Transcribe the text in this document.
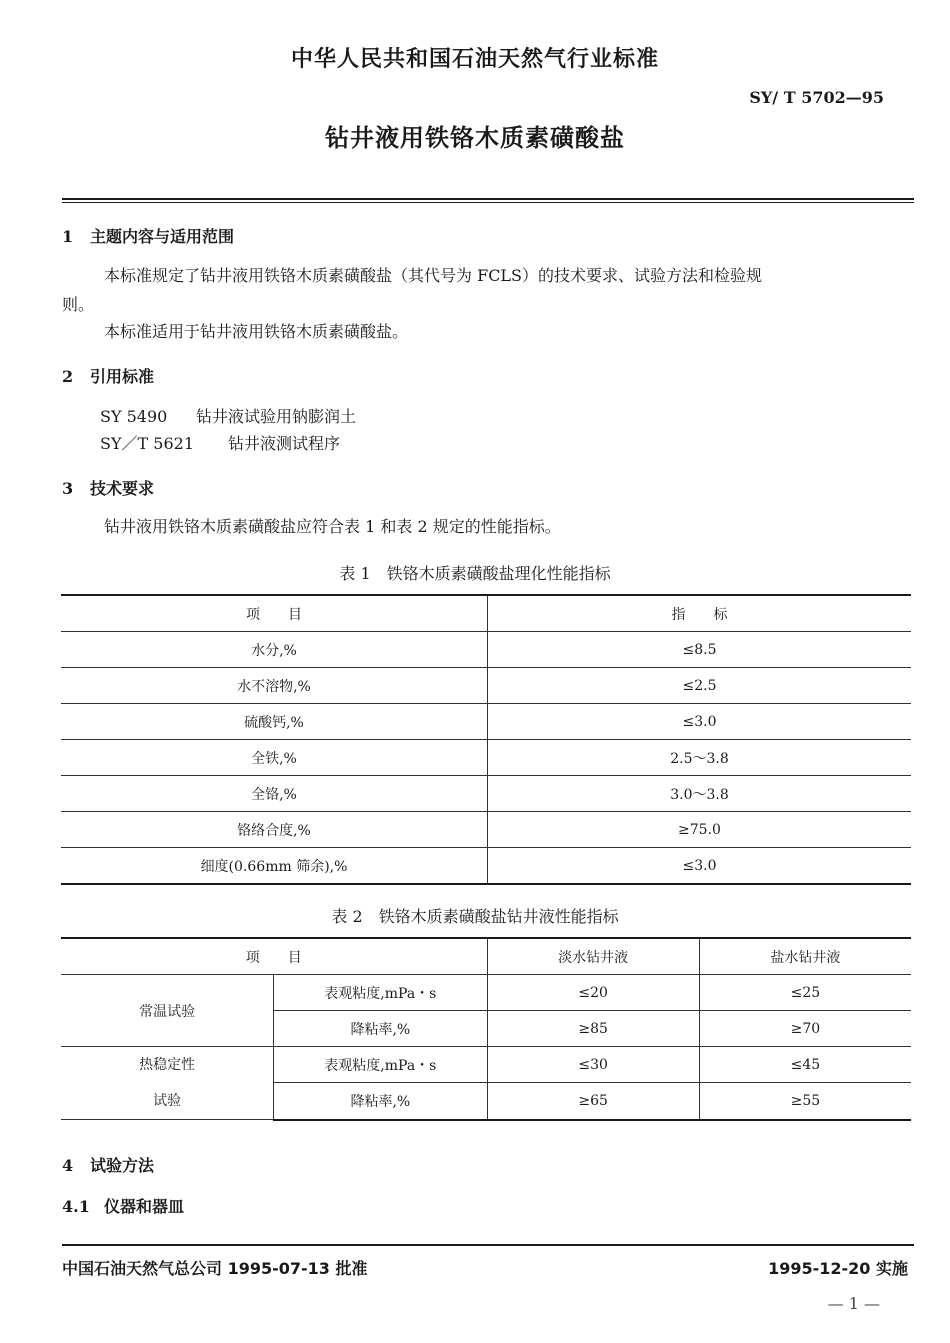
中华人民共和国石油天然气行业标准
SY/ T 5702—95
钻井液用铁铬木质素磺酸盐
1 主题内容与适用范围
本标准规定了钻井液用铁铬木质素磺酸盐（其代号为 FCLS）的技术要求、试验方法和检验规
则。
本标准适用于钻井液用铁铬木质素磺酸盐。
2 引用标准
SY 5490 钻井液试验用钠膨润土
SY／T 5621 钻井液测试程序
3 技术要求
钻井液用铁铬木质素磺酸盐应符合表 1 和表 2 规定的性能指标。
表 1　铁铬木质素磺酸盐理化性能指标
项　　目	指　　标
水分,%	≤8.5
水不溶物,%	≤2.5
硫酸钙,%	≤3.0
全铁,%	2.5～3.8
全铬,%	3.0～3.8
铬络合度,%	≥75.0
细度(0.66mm 筛余),%	≤3.0
表 2　铁铬木质素磺酸盐钻井液性能指标
项　　目		淡水钻井液	盐水钻井液
常温试验	表观粘度,mPa・s	≤20	≤25
	降粘率,%	≥85	≥70

热稳定性
试验	表观粘度,mPa・s	≤30	≤45
	降粘率,%	≥65	≥55
4 试验方法
4.1 仪器和器皿
中国石油天然气总公司 1995-07-13 批准	1995-12-20 实施
— 1 —
